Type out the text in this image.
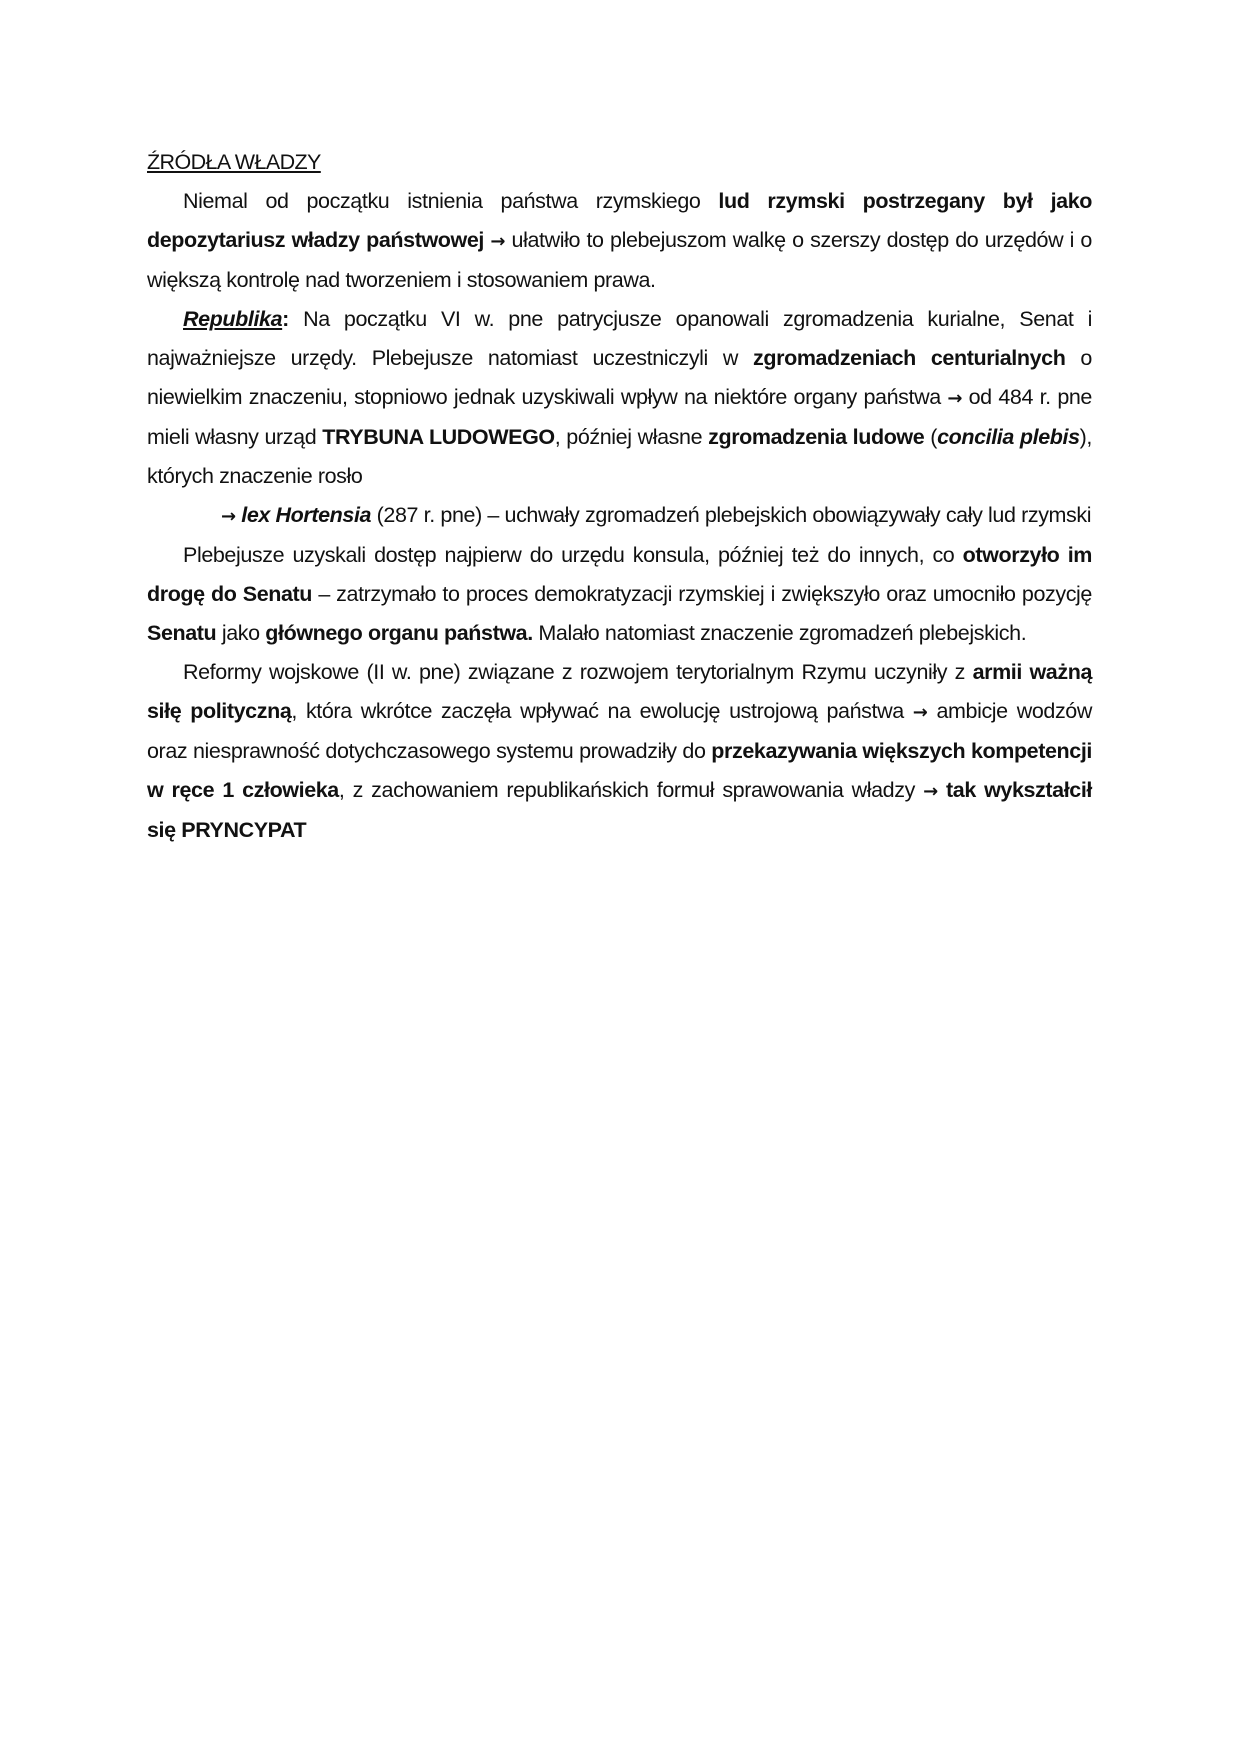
ŹRÓDŁA WŁADZY

Niemal od początku istnienia państwa rzymskiego lud rzymski postrzegany był jako depozytariusz władzy państwowej → ułatwiło to plebejuszom walkę o szerszy dostęp do urzędów i o większą kontrolę nad tworzeniem i stosowaniem prawa.

Republika: Na początku VI w. pne patrycjusze opanowali zgromadzenia kurialne, Senat i najważniejsze urzędy. Plebejusze natomiast uczestniczyli w zgromadzeniach centurialnych o niewielkim znaczeniu, stopniowo jednak uzyskiwali wpływ na niektóre organy państwa → od 484 r. pne mieli własny urząd TRYBUNA LUDOWEGO, później własne zgromadzenia ludowe (concilia plebis), których znaczenie rosło

→ lex Hortensia (287 r. pne) – uchwały zgromadzeń plebejskich obowiązywały cały lud rzymski

Plebejusze uzyskali dostęp najpierw do urzędu konsula, później też do innych, co otworzyło im drogę do Senatu – zatrzymało to proces demokratyzacji rzymskiej i zwiększyło oraz umocniło pozycję Senatu jako głównego organu państwa. Malało natomiast znaczenie zgromadzeń plebejskich.

Reformy wojskowe (II w. pne) związane z rozwojem terytorialnym Rzymu uczyniły z armii ważną siłę polityczną, która wkrótce zaczęła wpływać na ewolucję ustrojową państwa → ambicje wodzów oraz niesprawność dotychczasowego systemu prowadziły do przekazywania większych kompetencji w ręce 1 człowieka, z zachowaniem republikańskich formuł sprawowania władzy → tak wykształcił się PRYNCYPAT
